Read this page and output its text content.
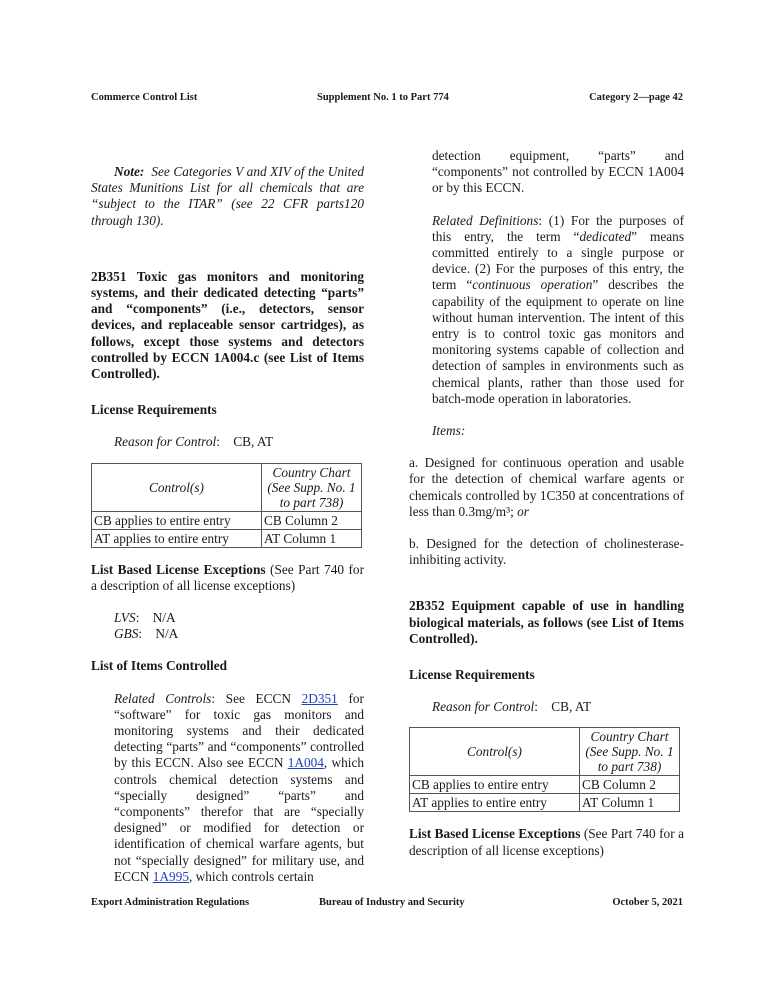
Commerce Control List	Supplement No. 1 to Part 774	Category 2—page 42

Note: See Categories V and XIV of the United States Munitions List for all chemicals that are “subject to the ITAR” (see 22 CFR parts120 through 130).

2B351 Toxic gas monitors and monitoring systems, and their dedicated detecting “parts” and “components” (i.e., detectors, sensor devices, and replaceable sensor cartridges), as follows, except those systems and detectors controlled by ECCN 1A004.c (see List of Items Controlled).

License Requirements

Reason for Control:    CB, AT

Control(s)	Country Chart (See Supp. No. 1 to part 738)
CB applies to entire entry	CB Column 2
AT applies to entire entry	AT Column 1

List Based License Exceptions (See Part 740 for a description of all license exceptions)

LVS:    N/A

GBS:    N/A

List of Items Controlled

Related Controls: See ECCN 2D351 for “software” for toxic gas monitors and monitoring systems and their dedicated detecting “parts” and “components” controlled by this ECCN. Also see ECCN 1A004, which controls chemical detection systems and “specially designed” “parts” and “components” therefor that are “specially designed” or modified for detection or identification of chemical warfare agents, but not “specially designed” for military use, and ECCN 1A995, which controls certain

detection equipment, “parts” and “components” not controlled by ECCN 1A004 or by this ECCN.

Related Definitions: (1) For the purposes of this entry, the term “dedicated” means committed entirely to a single purpose or device. (2) For the purposes of this entry, the term “continuous operation” describes the capability of the equipment to operate on line without human intervention. The intent of this entry is to control toxic gas monitors and monitoring systems capable of collection and detection of samples in environments such as chemical plants, rather than those used for batch-mode operation in laboratories.

Items:

a. Designed for continuous operation and usable for the detection of chemical warfare agents or chemicals controlled by 1C350 at concentrations of less than 0.3mg/m³; or

b. Designed for the detection of cholinesterase-inhibiting activity.

2B352 Equipment capable of use in handling biological materials, as follows (see List of Items Controlled).

License Requirements

Reason for Control:    CB, AT

Control(s)	Country Chart (See Supp. No. 1 to part 738)
CB applies to entire entry	CB Column 2
AT applies to entire entry	AT Column 1

List Based License Exceptions (See Part 740 for a description of all license exceptions)

Export Administration Regulations	Bureau of Industry and Security	October 5, 2021
